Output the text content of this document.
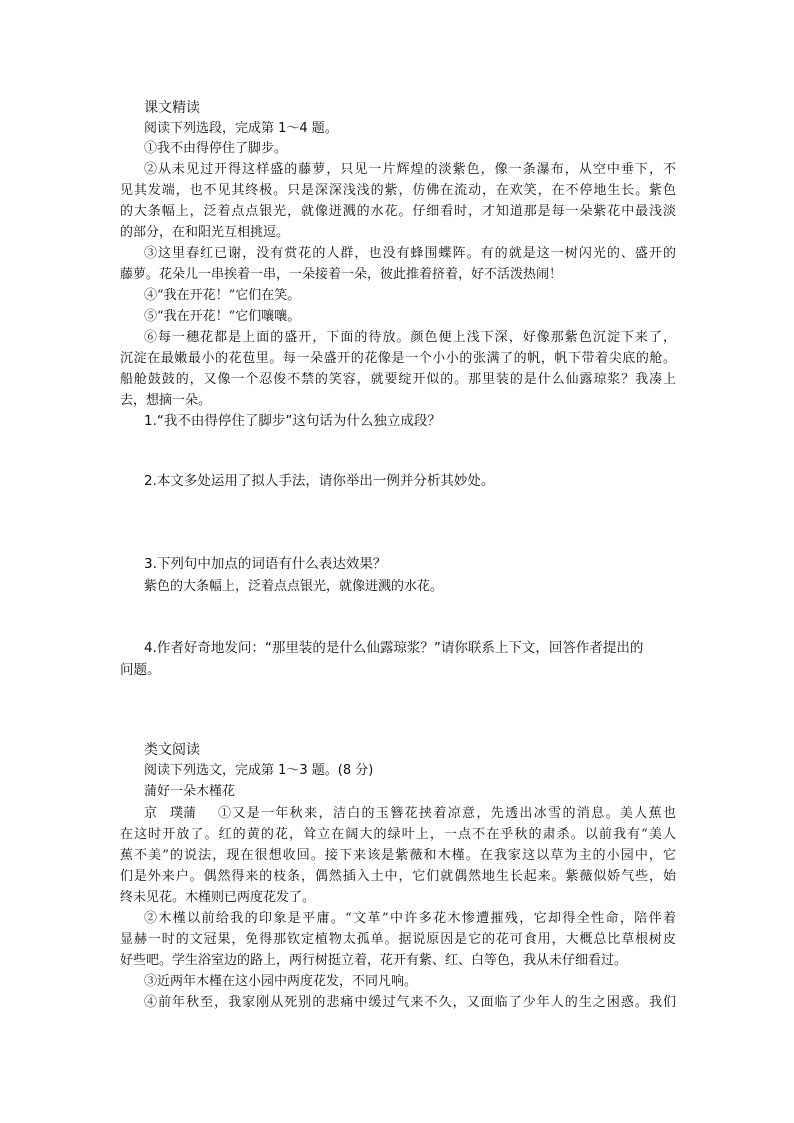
课文精读
阅读下列选段，完成第 1～4 题。
①我不由得停住了脚步。
②从未见过开得这样盛的藤萝，只见一片辉煌的淡紫色，像一条瀑布，从空中垂下，不
见其发端，也不见其终极。只是深深浅浅的紫，仿佛在流动，在欢笑，在不停地生长。紫色
的大条幅上，泛着点点银光，就像迸溅的水花。仔细看时，才知道那是每一朵紫花中最浅淡
的部分，在和阳光互相挑逗。
③这里春红已谢，没有赏花的人群，也没有蜂围蝶阵。有的就是这一树闪光的、盛开的
藤萝。花朵儿一串挨着一串，一朵接着一朵，彼此推着挤着，好不活泼热闹！
④“我在开花！”它们在笑。
⑤“我在开花！”它们嚷嚷。
⑥每一穗花都是上面的盛开，下面的待放。颜色便上浅下深，好像那紫色沉淀下来了，
沉淀在最嫩最小的花苞里。每一朵盛开的花像是一个小小的张满了的帆，帆下带着尖底的舱。
船舱鼓鼓的，又像一个忍俊不禁的笑容，就要绽开似的。那里装的是什么仙露琼浆？我凑上
去，想摘一朵。
1.“我不由得停住了脚步”这句话为什么独立成段？
2.本文多处运用了拟人手法，请你举出一例并分析其妙处。
3.下列句中加点的词语有什么表达效果？
紫色的大条幅上，泛着点点银光，就像迸溅的水花。
4.作者好奇地发问：“那里装的是什么仙露琼浆？”请你联系上下文，回答作者提出的
问题。
类文阅读
阅读下列选文，完成第 1～3 题。(8 分)
蒲好一朵木槿花
京　璞蒲 ①又是一年秋来，洁白的玉簪花挟着凉意，先透出冰雪的消息。美人蕉也
在这时开放了。红的黄的花，耸立在阔大的绿叶上，一点不在乎秋的肃杀。以前我有“美人
蕉不美”的说法，现在很想收回。接下来该是紫薇和木槿。在我家这以草为主的小园中，它
们是外来户。偶然得来的枝条，偶然插入土中，它们就偶然地生长起来。紫薇似娇气些，始
终未见花。木槿则已两度花发了。
②木槿以前给我的印象是平庸。“文革”中许多花木惨遭摧残，它却得全性命，陪伴着
显赫一时的文冠果，免得那钦定植物太孤单。据说原因是它的花可食用，大概总比草根树皮
好些吧。学生浴室边的路上，两行树挺立着，花开有紫、红、白等色，我从未仔细看过。
③近两年木槿在这小园中两度花发，不同凡响。
④前年秋至，我家刚从死别的悲痛中缓过气来不久，又面临了少年人的生之困惑。我们
